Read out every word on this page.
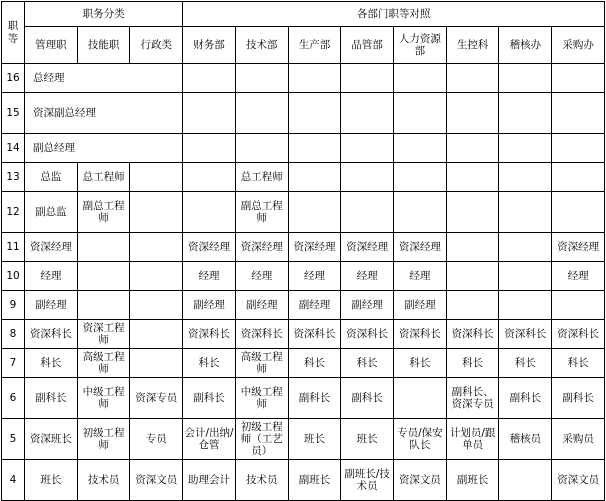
职等	职务分类			各部门职等对照							
	管理职	技能职	行政类	财务部	技术部	生产部	品管部	人力资源部	生控科	稽核办	采购办
16	总经理										
15	资深副总经理										
14	副总经理										
13	总监	总工程师			总工程师						
12	副总监	副总工程师			副总工程师						
11	资深经理			资深经理	资深经理	资深经理	资深经理	资深经理			资深经理
10	经理			经理	经理	经理	经理	经理			经理
9	副经理			副经理	副经理	副经理	副经理	副经理			
8	资深科长	资深工程师		资深科长	资深科长	资深科长	资深科长	资深科长	资深科长	资深科长	资深科长
7	科长	高级工程师		科长	高级工程师	科长	科长	科长	科长	科长	科长
6	副科长	中级工程师	资深专员	副科长	中级工程师	副科长	副科长		副科长、资深专员	副科长	副科长
5	资深班长	初级工程师	专员	会计/出纳/仓管	初级工程师（工艺员）	班长	班长	专员/保安队长	计划员/跟单员	稽核员	采购员
4	班长	技术员	资深文员	助理会计	技术员	副班长	副班长/技术员	资深文员	副班长		资深文员
